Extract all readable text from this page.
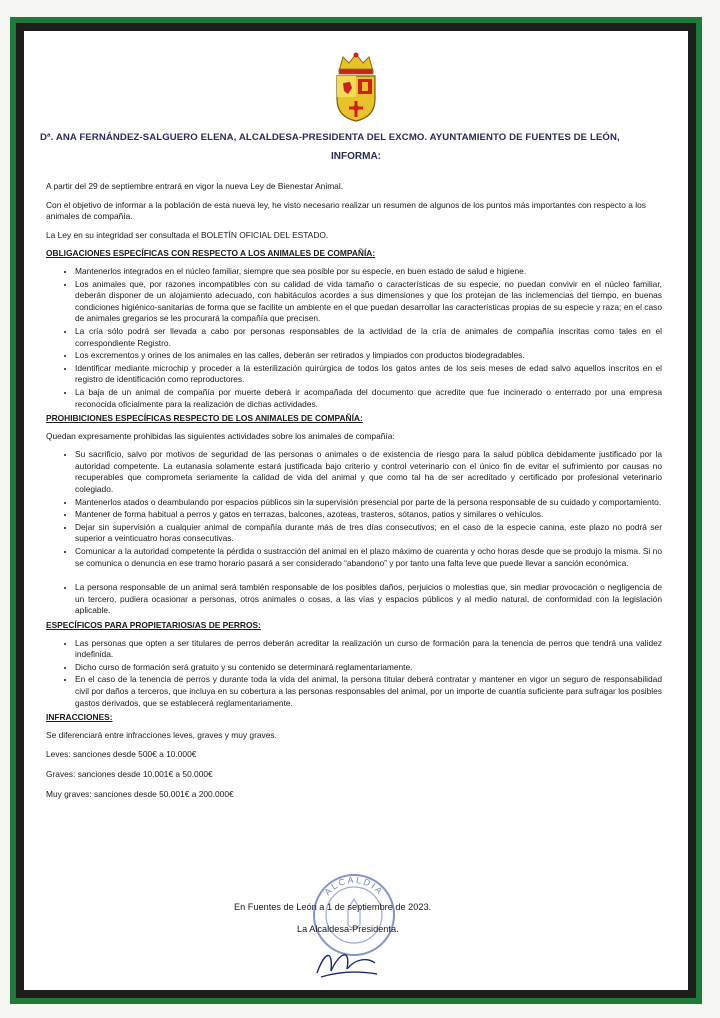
Dª. ANA FERNÁNDEZ-SALGUERO ELENA, ALCALDESA-PRESIDENTA DEL EXCMO. AYUNTAMIENTO DE FUENTES DE LEÓN,
INFORMA:

A partir del 29 de septiembre entrará en vigor la nueva Ley de Bienestar Animal.

Con el objetivo de informar a la población de esta nueva ley, he visto necesario realizar un resumen de algunos de los puntos más importantes con respecto a los animales de compañía.

La Ley en su integridad ser consultada el BOLETÍN OFICIAL DEL ESTADO.

OBLIGACIONES ESPECÍFICAS CON RESPECTO A LOS ANIMALES DE COMPAÑÍA:
• Mantenerlos integrados en el núcleo familiar, siempre que sea posible por su especie, en buen estado de salud e higiene.
• Los animales que, por razones incompatibles con su calidad de vida tamaño o características de su especie, no puedan convivir en el núcleo familiar, deberán disponer de un alojamiento adecuado, con habitáculos acordes a sus dimensiones y que los protejan de las inclemencias del tiempo, en buenas condiciones higiénico-sanitarias de forma que se facilite un ambiente en el que puedan desarrollar las características propias de su especie y raza; en el caso de animales gregarios se les procurará la compañía que precisen.
• La cría sólo podrá ser llevada a cabo por personas responsables de la actividad de la cría de animales de compañía inscritas como tales en el correspondiente Registro.
• Los excrementos y orines de los animales en las calles, deberán ser retirados y limpiados con productos biodegradables.
• Identificar mediante microchip y proceder a la esterilización quirúrgica de todos los gatos antes de los seis meses de edad salvo aquellos inscritos en el registro de identificación como reproductores.
• La baja de un animal de compañía por muerte deberá ir acompañada del documento que acredite que fue incinerado o enterrado por una empresa reconocida oficialmente para la realización de dichas actividades.
PROHIBICIONES ESPECÍFICAS RESPECTO DE LOS ANIMALES DE COMPAÑÍA:

Quedan expresamente prohibidas las siguientes actividades sobre los animales de compañía:

• Su sacrificio, salvo por motivos de seguridad de las personas o animales o de existencia de riesgo para la salud pública debidamente justificado por la autoridad competente. La eutanasia solamente estará justificada bajo criterio y control veterinario con el único fin de evitar el sufrimiento por causas no recuperables que comprometa seriamente la calidad de vida del animal y que como tal ha de ser acreditado y certificado por profesional veterinario colegiado.
• Mantenerlos atados o deambulando por espacios públicos sin la supervisión presencial por parte de la persona responsable de su cuidado y comportamiento.
• Mantener de forma habitual a perros y gatos en terrazas, balcones, azoteas, trasteros, sótanos, patios y similares o vehículos.
• Dejar sin supervisión a cualquier animal de compañía durante más de tres días consecutivos; en el caso de la especie canina, este plazo no podrá ser superior a veinticuatro horas consecutivas.
• Comunicar a la autoridad competente la pérdida o sustracción del animal en el plazo máximo de cuarenta y ocho horas desde que se produjo la misma. Si no se comunica o denuncia en ese tramo horario pasará a ser considerado “abandono” y por tanto una falta leve que puede llevar a sanción económica.
• La persona responsable de un animal será también responsable de los posibles daños, perjuicios o molestias que, sin mediar provocación o negligencia de un tercero, pudiera ocasionar a personas, otros animales o cosas, a las vías y espacios públicos y al medio natural, de conformidad con la legislación aplicable.
ESPECÍFICOS PARA PROPIETARIOS/AS DE PERROS:
• Las personas que opten a ser titulares de perros deberán acreditar la realización un curso de formación para la tenencia de perros que tendrá una validez indefinida.
• Dicho curso de formación será gratuito y su contenido se determinará reglamentariamente.
• En el caso de la tenencia de perros y durante toda la vida del animal, la persona titular deberá contratar y mantener en vigor un seguro de responsabilidad civil por daños a terceros, que incluya en su cobertura a las personas responsables del animal, por un importe de cuantía suficiente para sufragar los posibles gastos derivados, que se establecerá reglamentariamente.
INFRACCIONES:

Se diferenciará entre infracciones leves, graves y muy graves.

Leves: sanciones desde 500€ a 10.000€

Graves: sanciones desde 10.001€ a 50.000€

Muy graves: sanciones desde 50.001€ a 200.000€

ALCALDIA
En Fuentes de León a 1 de septiembre de 2023.
La Alcaldesa-Presidenta.
